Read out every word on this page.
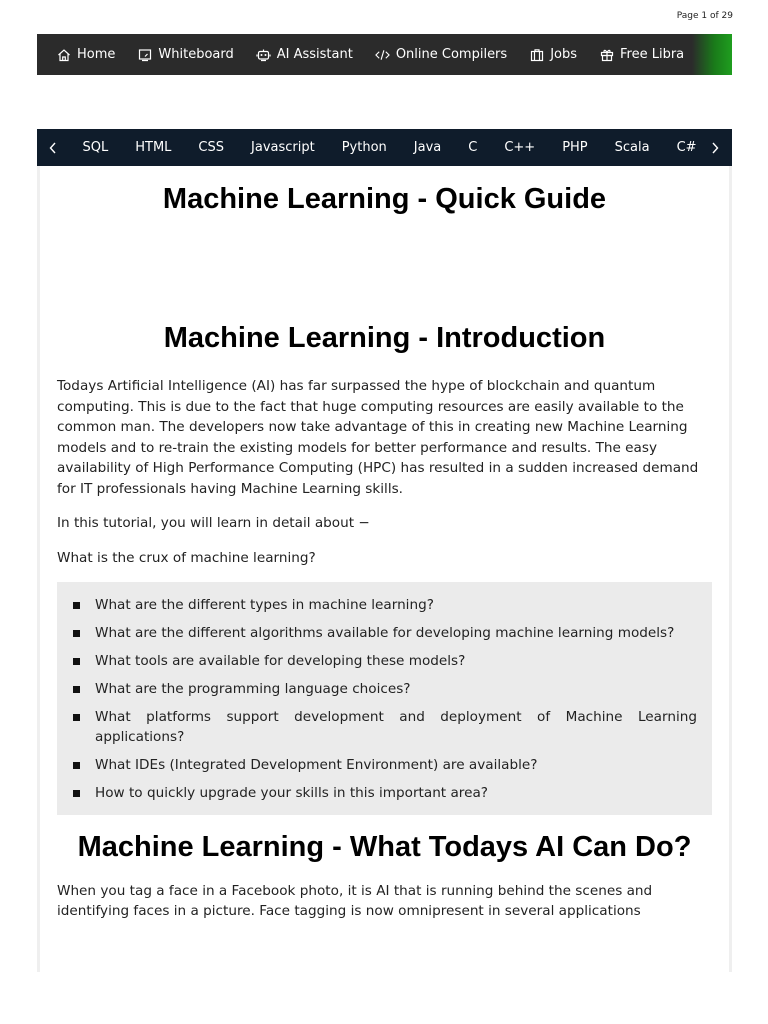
Page 1 of 29
Home	Whiteboard	AI Assistant	Online Compilers	Jobs	Free Libra
SQL	HTML	CSS	Javascript	Python	Java	C	C++	PHP	Scala	C#
Machine Learning - Quick Guide
Machine Learning - Introduction

Todays Artificial Intelligence (AI) has far surpassed the hype of blockchain and quantum computing. This is due to the fact that huge computing resources are easily available to the common man. The developers now take advantage of this in creating new Machine Learning models and to re-train the existing models for better performance and results. The easy availability of High Performance Computing (HPC) has resulted in a sudden increased demand for IT professionals having Machine Learning skills.

In this tutorial, you will learn in detail about −

What is the crux of machine learning?

What are the different types in machine learning?
What are the different algorithms available for developing machine learning models?
What tools are available for developing these models?
What are the programming language choices?
What platforms support development and deployment of Machine Learning applications?
What IDEs (Integrated Development Environment) are available?
How to quickly upgrade your skills in this important area?
Machine Learning - What Todays AI Can Do?

When you tag a face in a Facebook photo, it is AI that is running behind the scenes and identifying faces in a picture. Face tagging is now omnipresent in several applications
